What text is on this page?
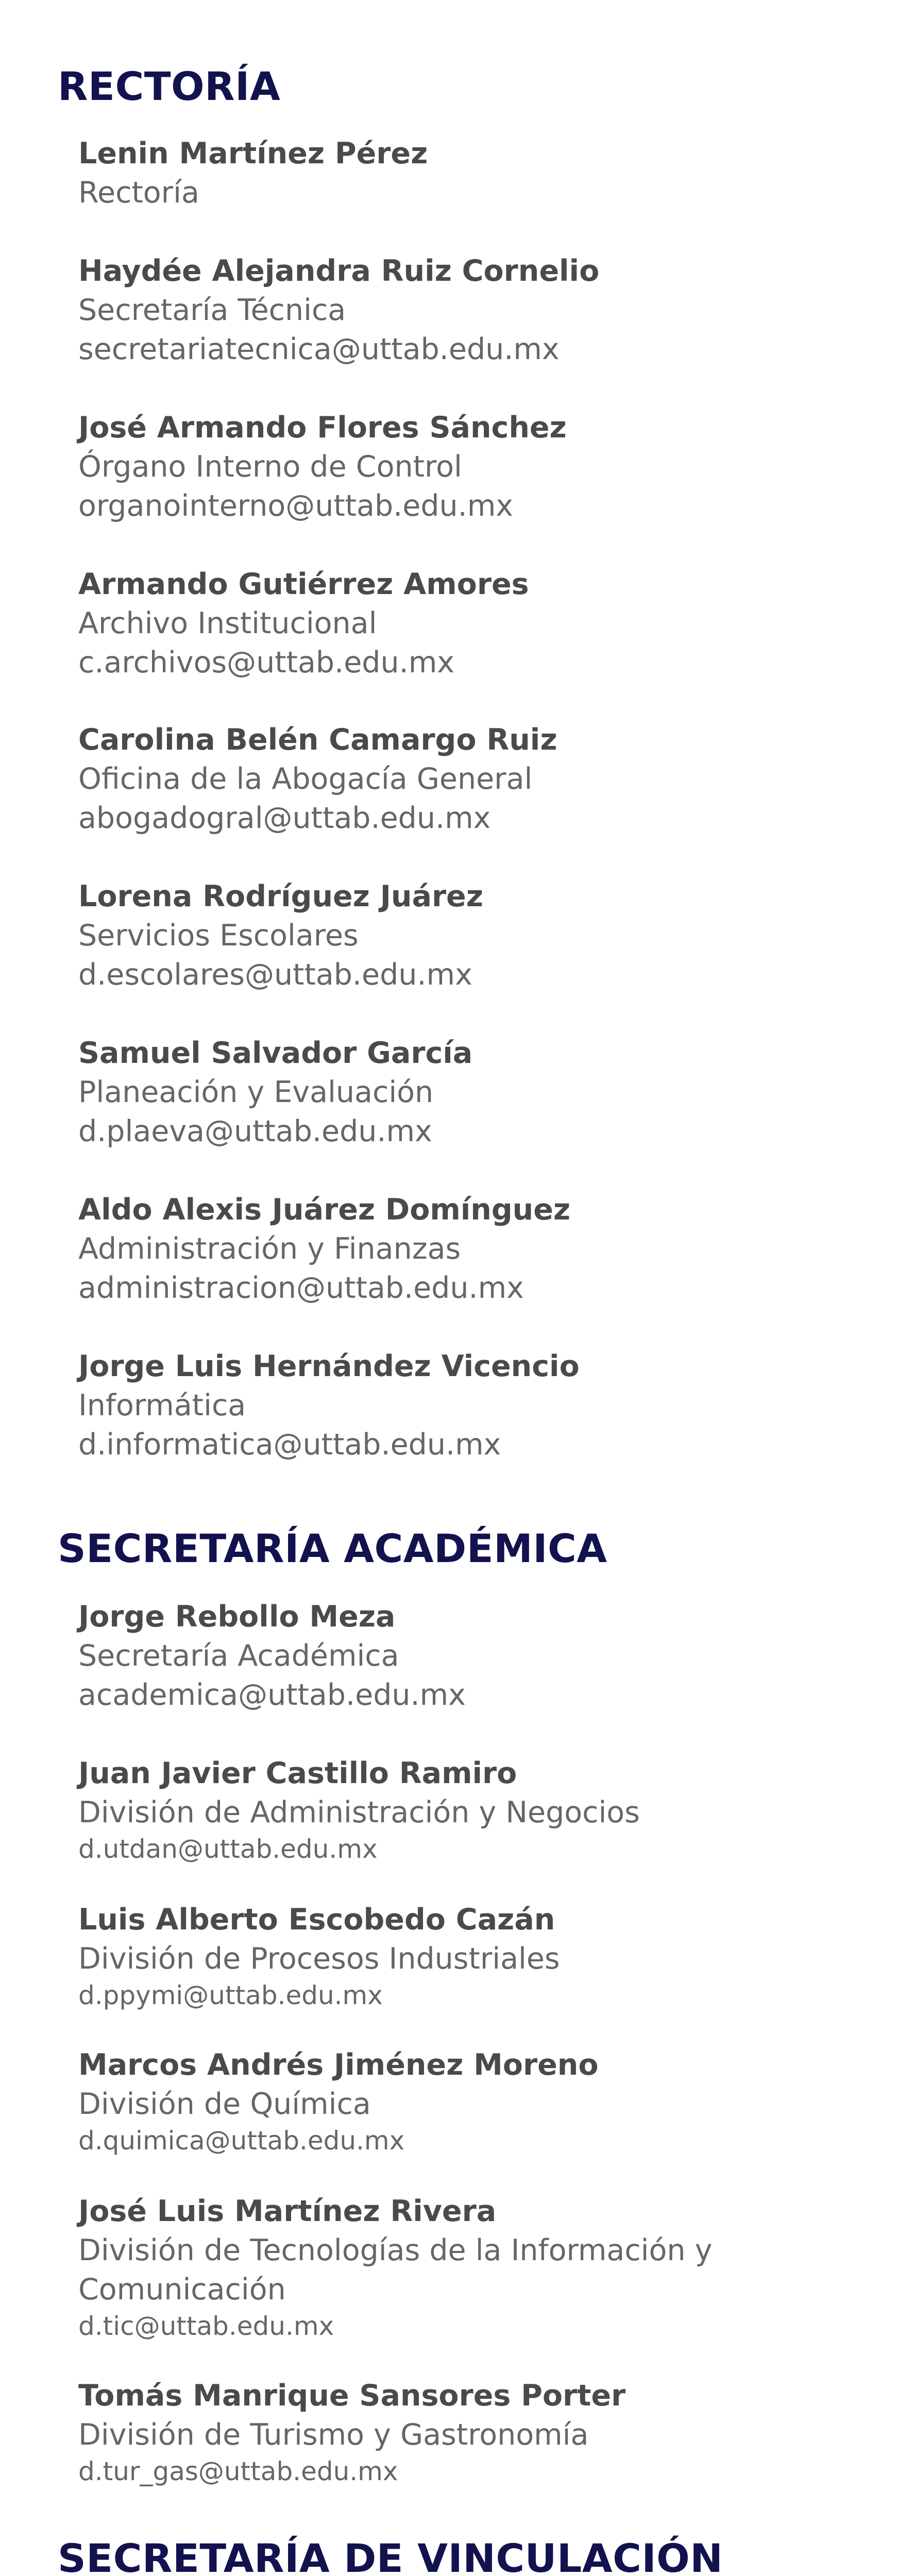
RECTORÍA
Lenin Martínez Pérez
Rectoría
Haydée Alejandra Ruiz Cornelio
Secretaría Técnica
secretariatecnica@uttab.edu.mx
José Armando Flores Sánchez
Órgano Interno de Control
organointerno@uttab.edu.mx
Armando Gutiérrez Amores
Archivo Institucional
c.archivos@uttab.edu.mx
Carolina Belén Camargo Ruiz
Oficina de la Abogacía General
abogadogral@uttab.edu.mx
Lorena Rodríguez Juárez
Servicios Escolares
d.escolares@uttab.edu.mx
Samuel Salvador García
Planeación y Evaluación
d.plaeva@uttab.edu.mx
Aldo Alexis Juárez Domínguez
Administración y Finanzas
administracion@uttab.edu.mx
Jorge Luis Hernández Vicencio
Informática
d.informatica@uttab.edu.mx
SECRETARÍA ACADÉMICA
Jorge Rebollo Meza
Secretaría Académica
academica@uttab.edu.mx
Juan Javier Castillo Ramiro
División de Administración y Negocios
d.utdan@uttab.edu.mx
Luis Alberto Escobedo Cazán
División de Procesos Industriales
d.ppymi@uttab.edu.mx
Marcos Andrés Jiménez Moreno
División de Química
d.quimica@uttab.edu.mx
José Luis Martínez Rivera
División de Tecnologías de la Información y Comunicación
d.tic@uttab.edu.mx
Tomás Manrique Sansores Porter
División de Turismo y Gastronomía
d.tur_gas@uttab.edu.mx
SECRETARÍA DE VINCULACIÓN
